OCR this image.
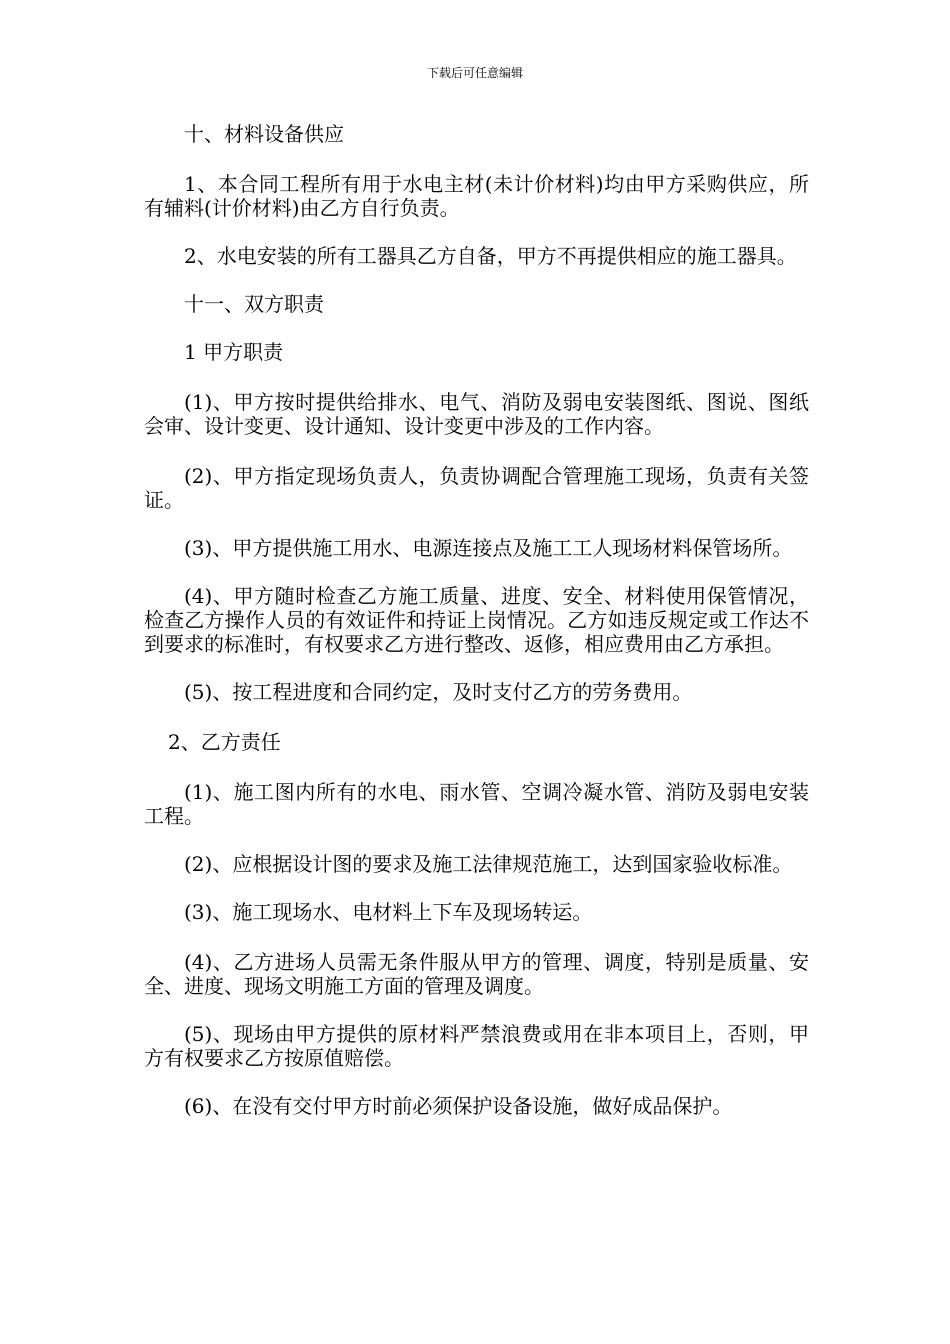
下载后可任意编辑

十、材料设备供应

1、本合同工程所有用于水电主材(未计价材料)均由甲方采购供应，所有辅料(计价材料)由乙方自行负责。

2、水电安装的所有工器具乙方自备，甲方不再提供相应的施工器具。

十一、双方职责

1 甲方职责

(1)、甲方按时提供给排水、电气、消防及弱电安装图纸、图说、图纸会审、设计变更、设计通知、设计变更中涉及的工作内容。

(2)、甲方指定现场负责人，负责协调配合管理施工现场，负责有关签证。

(3)、甲方提供施工用水、电源连接点及施工工人现场材料保管场所。

(4)、甲方随时检查乙方施工质量、进度、安全、材料使用保管情况，检查乙方操作人员的有效证件和持证上岗情况。乙方如违反规定或工作达不到要求的标准时，有权要求乙方进行整改、返修，相应费用由乙方承担。

(5)、按工程进度和合同约定，及时支付乙方的劳务费用。

2、乙方责任

(1)、施工图内所有的水电、雨水管、空调冷凝水管、消防及弱电安装工程。

(2)、应根据设计图的要求及施工法律规范施工，达到国家验收标准。

(3)、施工现场水、电材料上下车及现场转运。

(4)、乙方进场人员需无条件服从甲方的管理、调度，特别是质量、安全、进度、现场文明施工方面的管理及调度。

(5)、现场由甲方提供的原材料严禁浪费或用在非本项目上，否则，甲方有权要求乙方按原值赔偿。

(6)、在没有交付甲方时前必须保护设备设施，做好成品保护。
